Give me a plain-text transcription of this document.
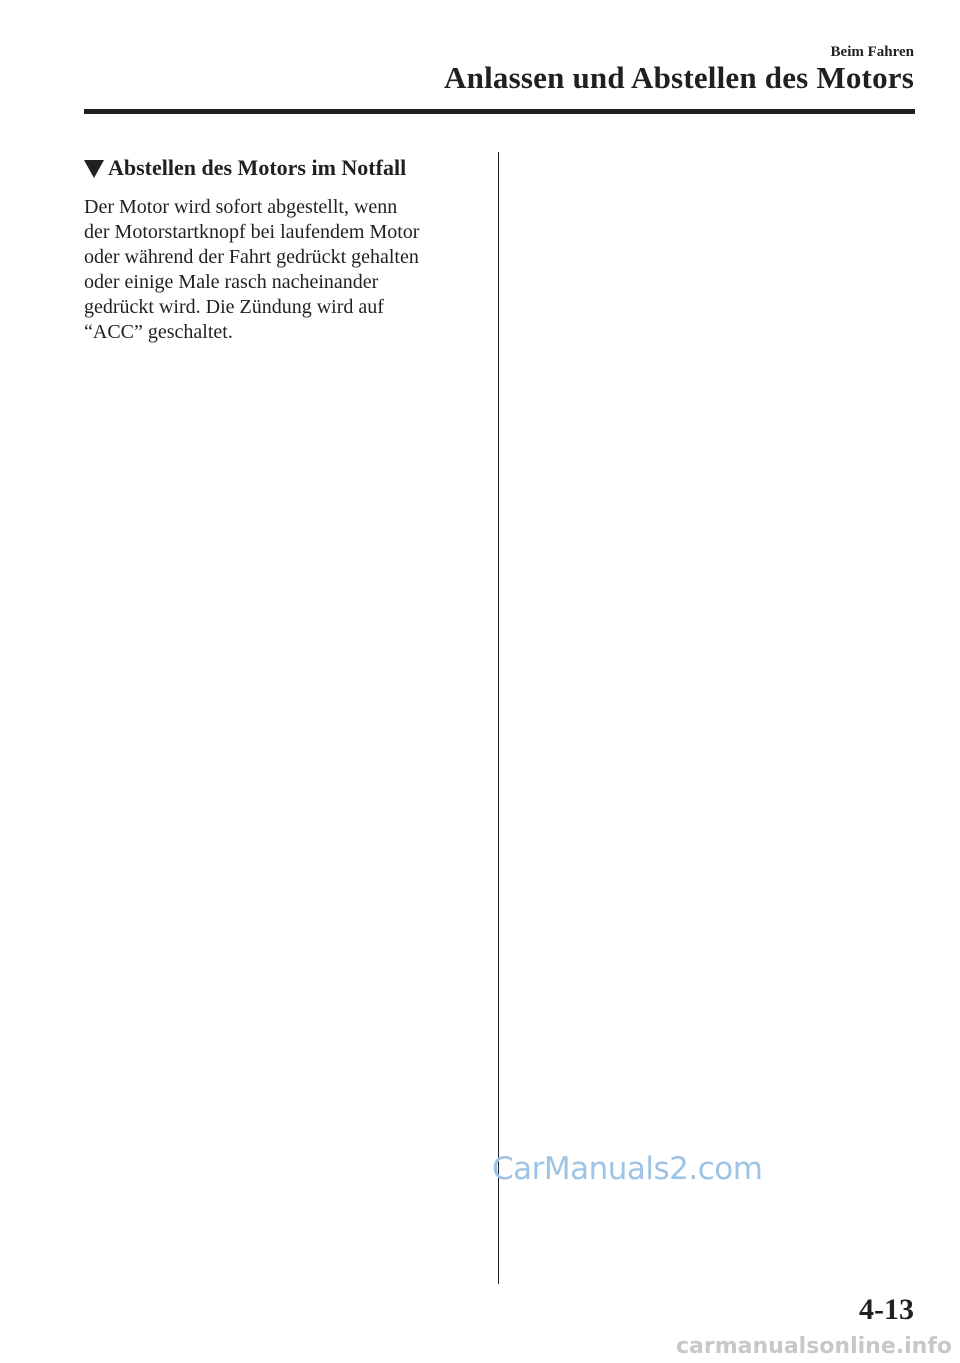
Beim Fahren
Anlassen und Abstellen des Motors
Abstellen des Motors im Notfall
Der Motor wird sofort abgestellt, wenn
der Motorstartknopf bei laufendem Motor
oder während der Fahrt gedrückt gehalten
oder einige Male rasch nacheinander
gedrückt wird. Die Zündung wird auf
“ACC” geschaltet.
CarManuals2.com
4-13
carmanualsonline.info
